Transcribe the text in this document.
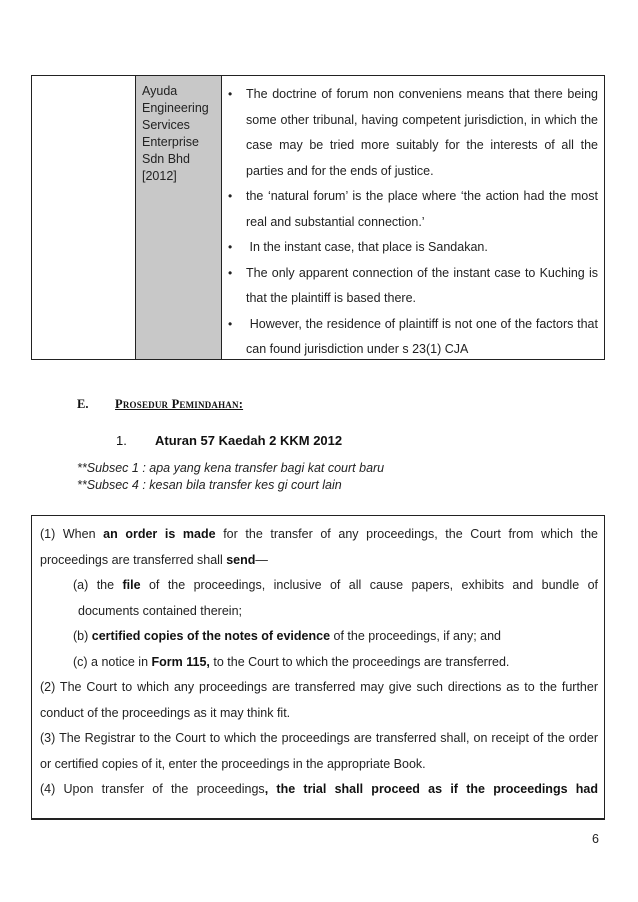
Ayuda
Engineering
Services
Enterprise
Sdn Bhd
[2012]
•	The doctrine of forum non conveniens means that there being some other tribunal, having competent jurisdiction, in which the case may be tried more suitably for the interests of all the parties and for the ends of justice.
•	the ‘natural forum’ is the place where ‘the action had the most real and substantial connection.’
•	In the instant case, that place is Sandakan.
•	The only apparent connection of the instant case to Kuching is that the plaintiff is based there.
•	However, the residence of plaintiff is not one of the factors that can found jurisdiction under s 23(1) CJA
E. Prosedur Pemindahan:
1. Aturan 57 Kaedah 2 KKM 2012
**Subsec 1 : apa yang kena transfer bagi kat court baru
**Subsec 4 : kesan bila transfer kes gi court lain
(1) When an order is made for the transfer of any proceedings, the Court from which the proceedings are transferred shall send—
(a) the file of the proceedings, inclusive of all cause papers, exhibits and bundle of
documents contained therein;
(b) certified copies of the notes of evidence of the proceedings, if any; and
(c) a notice in Form 115, to the Court to which the proceedings are transferred.
(2) The Court to which any proceedings are transferred may give such directions as to the further conduct of the proceedings as it may think fit.
(3) The Registrar to the Court to which the proceedings are transferred shall, on receipt of the order or certified copies of it, enter the proceedings in the appropriate Book.
(4) Upon transfer of the proceedings, the trial shall proceed as if the proceedings had
6
